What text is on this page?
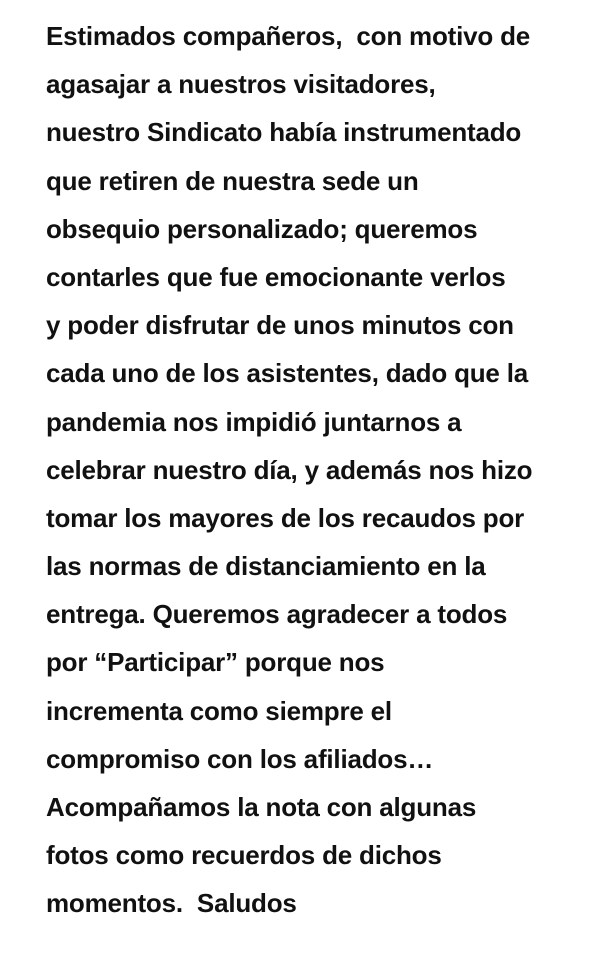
Estimados compañeros,  con motivo de
agasajar a nuestros visitadores,
nuestro Sindicato había instrumentado
que retiren de nuestra sede un
obsequio personalizado; queremos
contarles que fue emocionante verlos
y poder disfrutar de unos minutos con
cada uno de los asistentes, dado que la
pandemia nos impidió juntarnos a
celebrar nuestro día, y además nos hizo
tomar los mayores de los recaudos por
las normas de distanciamiento en la
entrega. Queremos agradecer a todos
por “Participar” porque nos
incrementa como siempre el
compromiso con los afiliados…
Acompañamos la nota con algunas
fotos como recuerdos de dichos
momentos.  Saludos
